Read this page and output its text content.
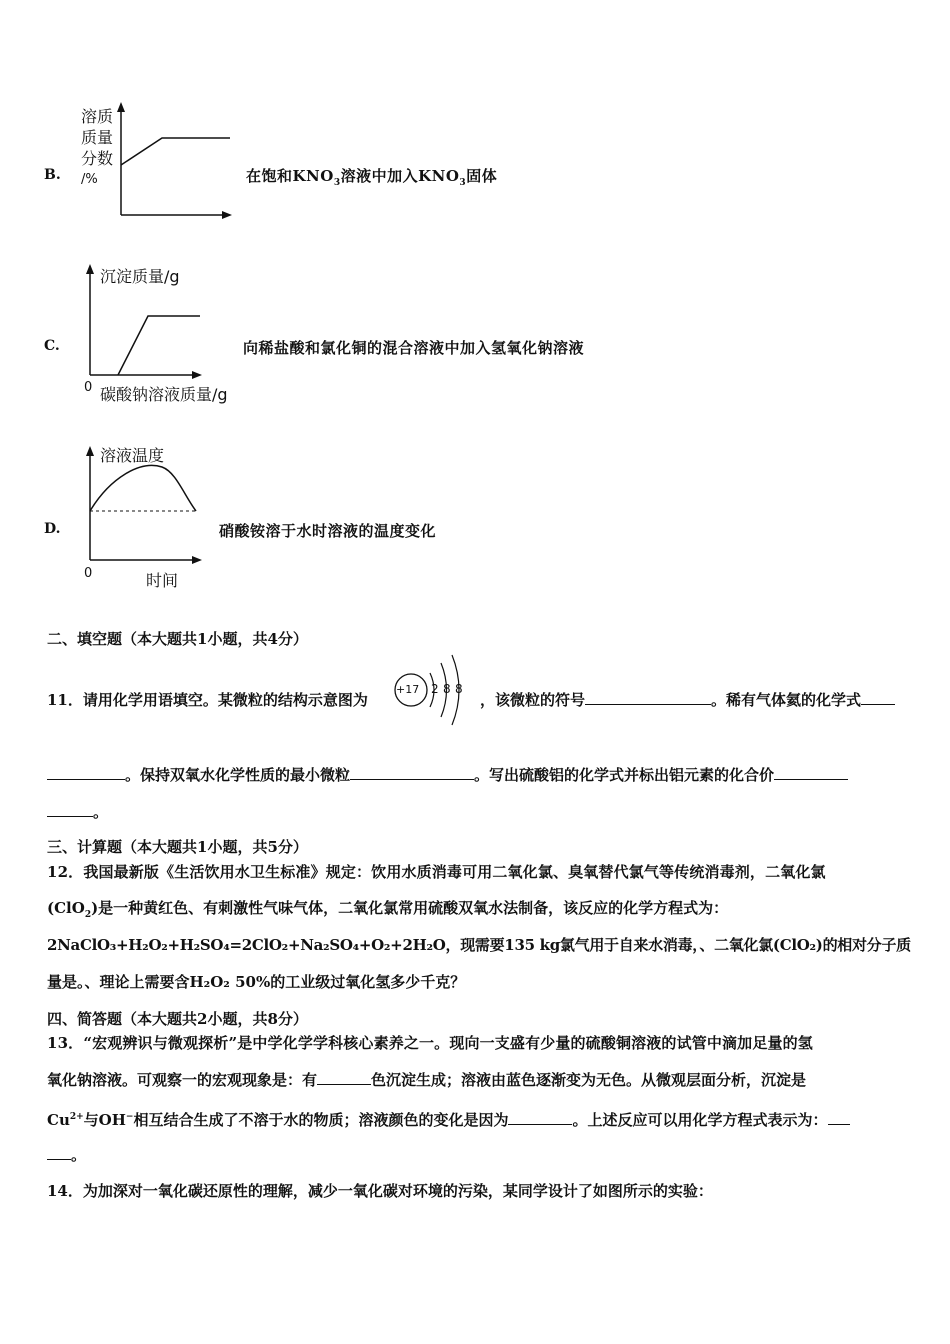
B.
溶质
质量
分数
/%	在饱和$KNO_3$溶液中加入$KNO_3$固体
C.
沉淀质量/g
0 碳酸钠溶液质量/g
向稀盐酸和氯化铜的混合溶液中加入氢氧化钠溶液
D.
溶液温度
0	时间
硝酸铵溶于水时溶液的温度变化
二、填空题（本大题共1小题，共4分）
11．请用化学用语填空。某微粒的结构示意图为
+17 2 8 8
，该微粒的符号	。稀有气体氦的化学式
。保持双氧水化学性质的最小微粒	。写出硫酸铝的化学式并标出铝元素的化合价
。
三、计算题（本大题共1小题，共5分）
12．我国最新版《生活饮用水卫生标准》规定：饮用水质消毒可用二氧化氯、臭氧替代氯气等传统消毒剂，二氧化氯
(ClO$_2$)是一种黄红色、有刺激性气味气体，二氧化氯常用硫酸双氧水法制备，该反应的化学方程式为：
2NaClO₃+H₂O₂+H₂SO₄=2ClO₂+Na₂SO₄+O₂+2H₂O，现需要135 kg氯气用于自来水消毒，、二氧化氯(ClO₂)的相对分子质
量是。、理论上需要含H₂O₂ 50%的工业级过氧化氢多少千克？
四、简答题（本大题共2小题，共8分）
13．“宏观辨识与微观探析”是中学化学学科核心素养之一。现向一支盛有少量的硫酸铜溶液的试管中滴加足量的氢
氧化钠溶液。可观察一的宏观现象是：有	色沉淀生成；溶液由蓝色逐渐变为无色。从微观层面分析，沉淀是
$Cu^{2+}$与OH−相互结合生成了不溶于水的物质；溶液颜色的变化是因为	。上述反应可以用化学方程式表示为：
。
14．为加深对一氧化碳还原性的理解，减少一氧化碳对环境的污染，某同学设计了如图所示的实验：
